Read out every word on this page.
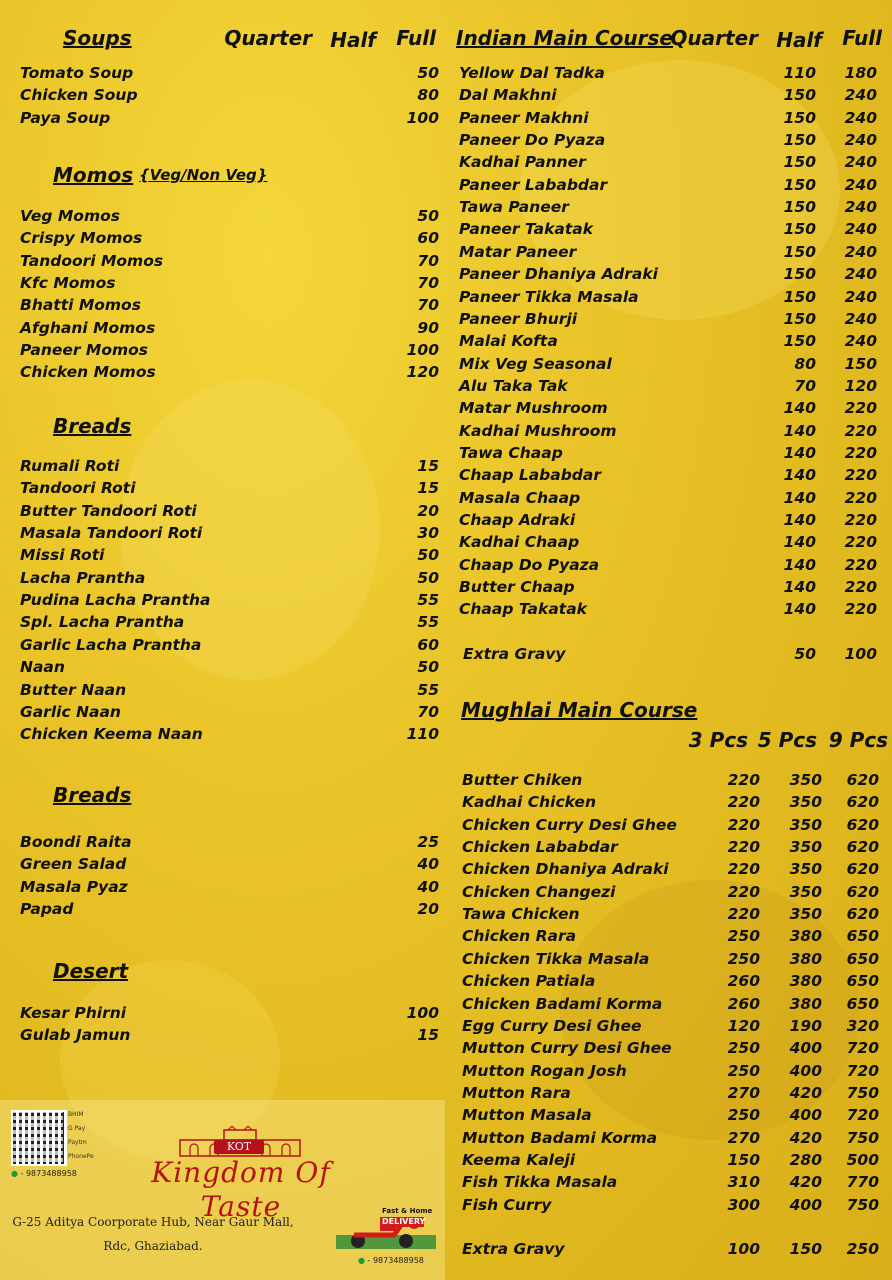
Soups	Quarter Half	Full
Tomato Soup	50
Chicken Soup	80
Paya Soup	100
Momos {Veg/Non Veg}
Veg Momos	50
Crispy Momos	60
Tandoori Momos	70
Kfc Momos	70
Bhatti Momos	70
Afghani Momos	90
Paneer Momos	100
Chicken Momos	120
Breads
Rumali Roti	15
Tandoori Roti	15
Butter Tandoori Roti	20
Masala Tandoori Roti	30
Missi Roti	50
Lacha Prantha	50
Pudina Lacha Prantha	55
Spl. Lacha Prantha	55
Garlic Lacha Prantha	60
Naan	50
Butter Naan	55
Garlic Naan	70
Chicken Keema Naan	110
Breads
Boondi Raita	25
Green Salad	40
Masala Pyaz	40
Papad	20
Desert
Kesar Phirni	100
Gulab Jamun	15
Indian Main Course
Quarter Half	Full
Yellow Dal Tadka	110	180
Dal Makhni	150	240
Paneer Makhni	150	240
Paneer Do Pyaza	150	240
Kadhai Panner	150	240
Paneer Lababdar	150	240
Tawa Paneer	150	240
Paneer Takatak	150	240
Matar Paneer	150	240
Paneer Dhaniya Adraki	150	240
Paneer Tikka Masala	150	240
Paneer Bhurji	150	240
Malai Kofta	150	240
Mix Veg Seasonal	80	150
Alu Taka Tak	70	120
Matar Mushroom	140	220
Kadhai Mushroom	140	220
Tawa Chaap	140	220
Chaap Lababdar	140	220
Masala Chaap	140	220
Chaap Adraki	140	220
Kadhai Chaap	140	220
Chaap Do Pyaza	140	220
Butter Chaap	140	220
Chaap Takatak	140	220
Extra Gravy	50	100
Mughlai Main Course
3 Pcs 5 Pcs 9 Pcs
Butter Chiken	220	350	620
Kadhai Chicken	220	350	620
Chicken Curry Desi Ghee	220	350	620
Chicken Lababdar	220	350	620
Chicken Dhaniya Adraki	220	350	620
Chicken Changezi	220	350	620
Tawa Chicken	220	350	620
Chicken Rara	250	380	650
Chicken Tikka Masala	250	380	650
Chicken Patiala	260	380	650
Chicken Badami Korma	260	380	650
Egg Curry Desi Ghee	120	190	320
Mutton Curry Desi Ghee	250	400	720
Mutton Rogan Josh	250	400	720
Mutton Rara	270	420	750
Mutton Masala	250	400	720
Mutton Badami Korma	270	420	750
Keema Kaleji	150	280	500
Fish Tikka Masala	310	420	770
Fish Curry	300	400	750
Extra Gravy	100	150	250
BHIM
G Pay
Paytm
PhonePe
● - 9873488958
KOT
Kingdom Of Taste
G-25 Aditya Coorporate Hub, Near Gaur Mall,
Rdc, Ghaziabad.
Fast & Home
DELIVERY
● - 9873488958
